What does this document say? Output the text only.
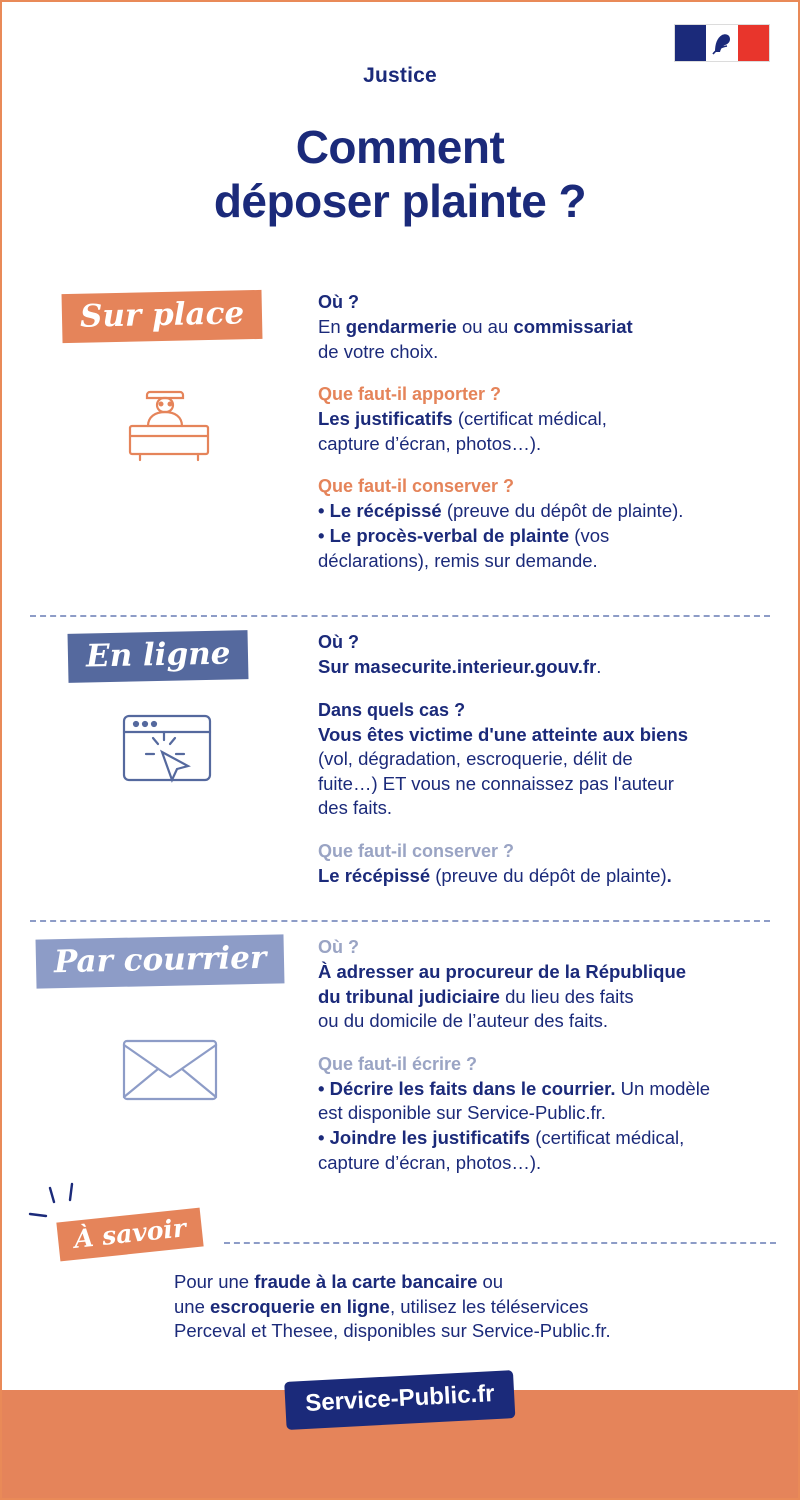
Justice
Comment
déposer plainte ?
Sur place	Où ?

En gendarmerie ou au commissariat

de votre choix.

Que faut-il apporter ?

Les justificatifs (certificat médical,

capture d’écran, photos…).

Que faut-il conserver ?

• Le récépissé (preuve du dépôt de plainte).

• Le procès-verbal de plainte (vos

déclarations), remis sur demande.

En ligne	Où ?

Sur masecurite.interieur.gouv.fr.

Dans quels cas ?

Vous êtes victime d'une atteinte aux biens

(vol, dégradation, escroquerie, délit de

fuite…) ET vous ne connaissez pas l'auteur

des faits.

Que faut-il conserver ?

Le récépissé (preuve du dépôt de plainte).

Par courrier	Où ?

À adresser au procureur de la République

du tribunal judiciaire du lieu des faits

ou du domicile de l’auteur des faits.

Que faut-il écrire ?

• Décrire les faits dans le courrier. Un modèle

est disponible sur Service-Public.fr.

• Joindre les justificatifs (certificat médical,

capture d’écran, photos…).

À savoir

Pour une fraude à la carte bancaire ou

une escroquerie en ligne, utilisez les téléservices

Perceval et Thesee, disponibles sur Service-Public.fr.

Service-Public.fr
